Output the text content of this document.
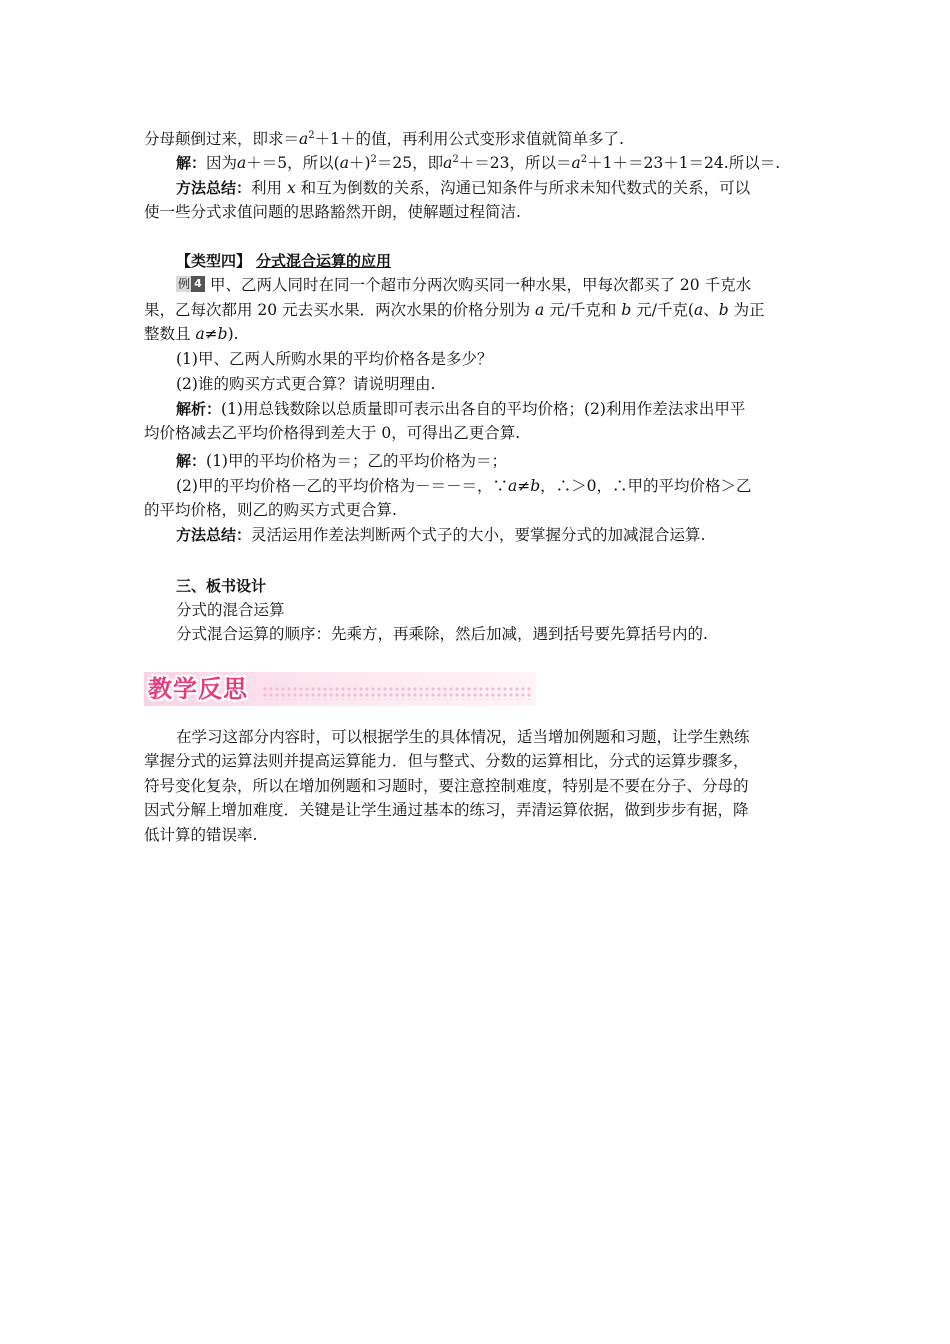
分母颠倒过来，即求$=a^2+1+$的值，再利用公式变形求值就简单多了.
解：因为a＋＝5，所以$(a+)^2=25$，即$a^2+=23$，所以$=a^2+1+=23+1=24$.所以＝.
方法总结：利用 x 和互为倒数的关系，沟通已知条件与所求未知代数式的关系，可以
使一些分式求值问题的思路豁然开朗，使解题过程简洁.
【类型四】 分式混合运算的应用
例 4 甲、乙两人同时在同一个超市分两次购买同一种水果，甲每次都买了 20 千克水
果，乙每次都用 20 元去买水果．两次水果的价格分别为 a 元/千克和 b 元/千克(a、b 为正
整数且 a≠b).
(1)甲、乙两人所购水果的平均价格各是多少？
(2)谁的购买方式更合算？请说明理由.
解析：(1)用总钱数除以总质量即可表示出各自的平均价格；(2)利用作差法求出甲平
均价格减去乙平均价格得到差大于 0，可得出乙更合算.
解：(1)甲的平均价格为＝；乙的平均价格为＝；
(2)甲的平均价格－乙的平均价格为－＝－＝，∵a≠b，∴＞0，∴甲的平均价格＞乙
的平均价格，则乙的购买方式更合算.
方法总结：灵活运用作差法判断两个式子的大小，要掌握分式的加减混合运算.
三、板书设计
分式的混合运算
分式混合运算的顺序：先乘方，再乘除，然后加减，遇到括号要先算括号内的.
教学反思
在学习这部分内容时，可以根据学生的具体情况，适当增加例题和习题，让学生熟练
掌握分式的运算法则并提高运算能力．但与整式、分数的运算相比，分式的运算步骤多，
符号变化复杂，所以在增加例题和习题时，要注意控制难度，特别是不要在分子、分母的
因式分解上增加难度．关键是让学生通过基本的练习，弄清运算依据，做到步步有据，降
低计算的错误率.
